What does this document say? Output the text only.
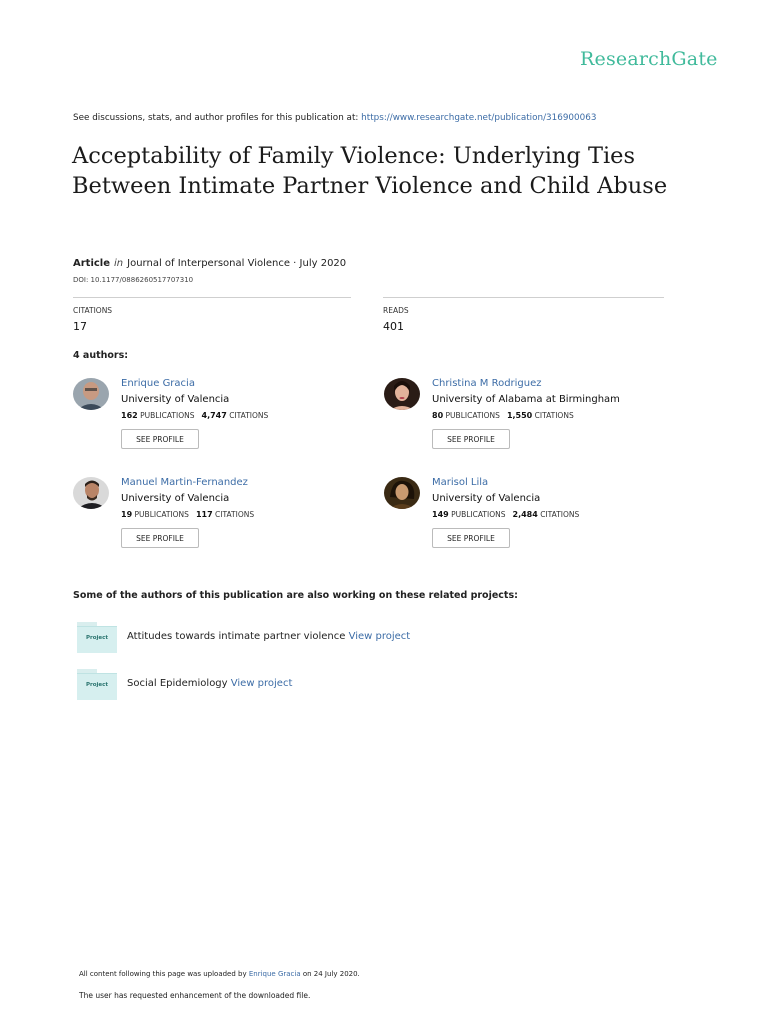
ResearchGate
See discussions, stats, and author profiles for this publication at: https://www.researchgate.net/publication/316900063
Acceptability of Family Violence: Underlying Ties Between Intimate Partner Violence and Child Abuse
Article in Journal of Interpersonal Violence · July 2020
DOI: 10.1177/0886260517707310
CITATIONS
17
READS
401
4 authors:
Enrique Gracia
University of Valencia
162 PUBLICATIONS 4,747 CITATIONS
SEE PROFILE
Christina M Rodriguez
University of Alabama at Birmingham
80 PUBLICATIONS 1,550 CITATIONS
SEE PROFILE
Manuel Martin-Fernandez
University of Valencia
19 PUBLICATIONS 117 CITATIONS
SEE PROFILE
Marisol Lila
University of Valencia
149 PUBLICATIONS 2,484 CITATIONS
SEE PROFILE
Some of the authors of this publication are also working on these related projects:
Project	Attitudes towards intimate partner violence View project
Project	Social Epidemiology View project
All content following this page was uploaded by Enrique Gracia on 24 July 2020.
The user has requested enhancement of the downloaded file.
